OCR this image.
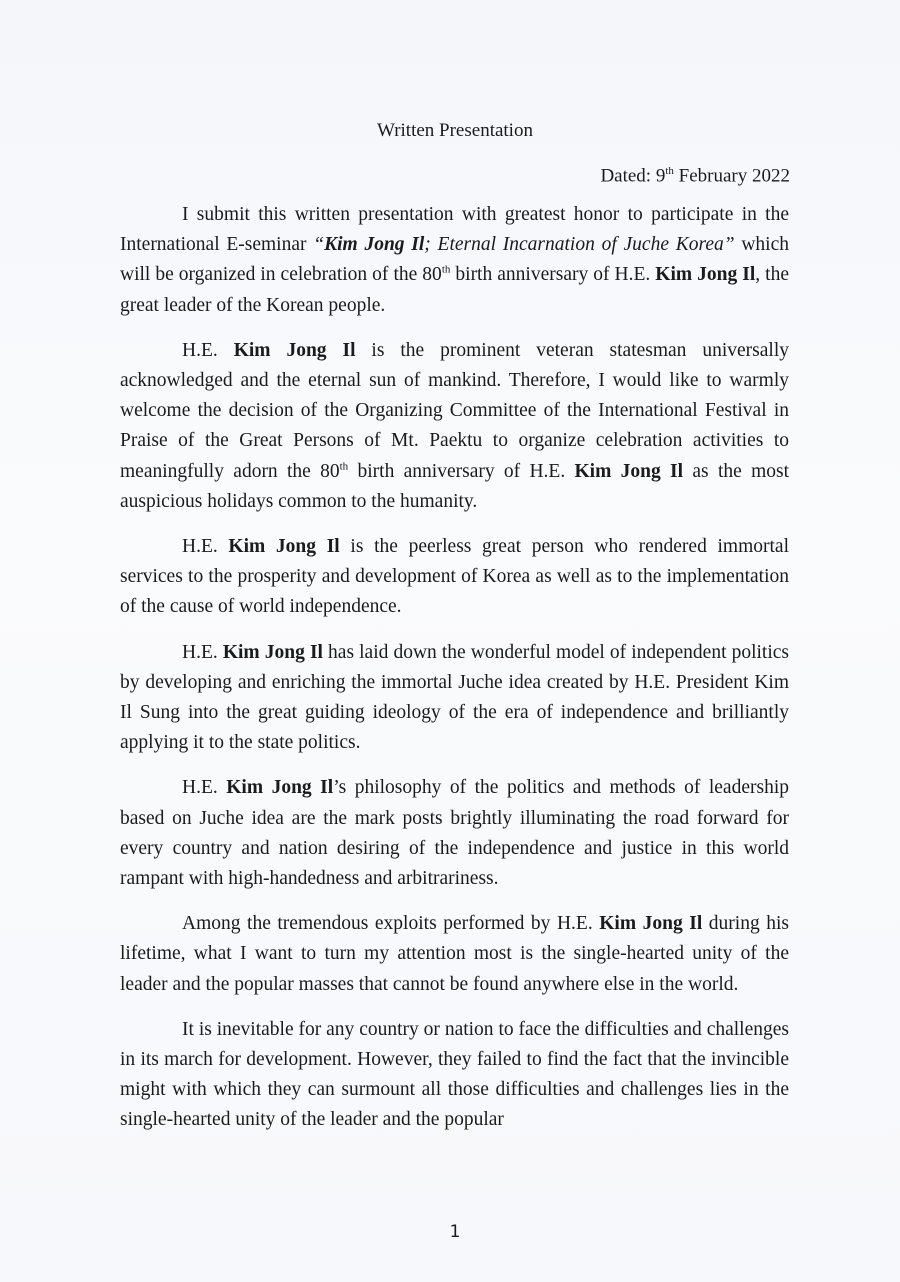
Written Presentation
Dated: 9th February 2022

I submit this written presentation with greatest honor to participate in the International E-seminar “Kim Jong Il; Eternal Incarnation of Juche Korea” which will be organized in celebration of the 80th birth anniversary of H.E. Kim Jong Il, the great leader of the Korean people.

H.E. Kim Jong Il is the prominent veteran statesman universally acknowledged and the eternal sun of mankind. Therefore, I would like to warmly welcome the decision of the Organizing Committee of the International Festival in Praise of the Great Persons of Mt. Paektu to organize celebration activities to meaningfully adorn the 80th birth anniversary of H.E. Kim Jong Il as the most auspicious holidays common to the humanity.

H.E. Kim Jong Il is the peerless great person who rendered immortal services to the prosperity and development of Korea as well as to the implementation of the cause of world independence.

H.E. Kim Jong Il has laid down the wonderful model of independent politics by developing and enriching the immortal Juche idea created by H.E. President Kim Il Sung into the great guiding ideology of the era of independence and brilliantly applying it to the state politics.

H.E. Kim Jong Il’s philosophy of the politics and methods of leadership based on Juche idea are the mark posts brightly illuminating the road forward for every country and nation desiring of the independence and justice in this world rampant with high-handedness and arbitrariness.

Among the tremendous exploits performed by H.E. Kim Jong Il during his lifetime, what I want to turn my attention most is the single-hearted unity of the leader and the popular masses that cannot be found anywhere else in the world.

It is inevitable for any country or nation to face the difficulties and challenges in its march for development. However, they failed to find the fact that the invincible might with which they can surmount all those difficulties and challenges lies in the single-hearted unity of the leader and the popular

1
